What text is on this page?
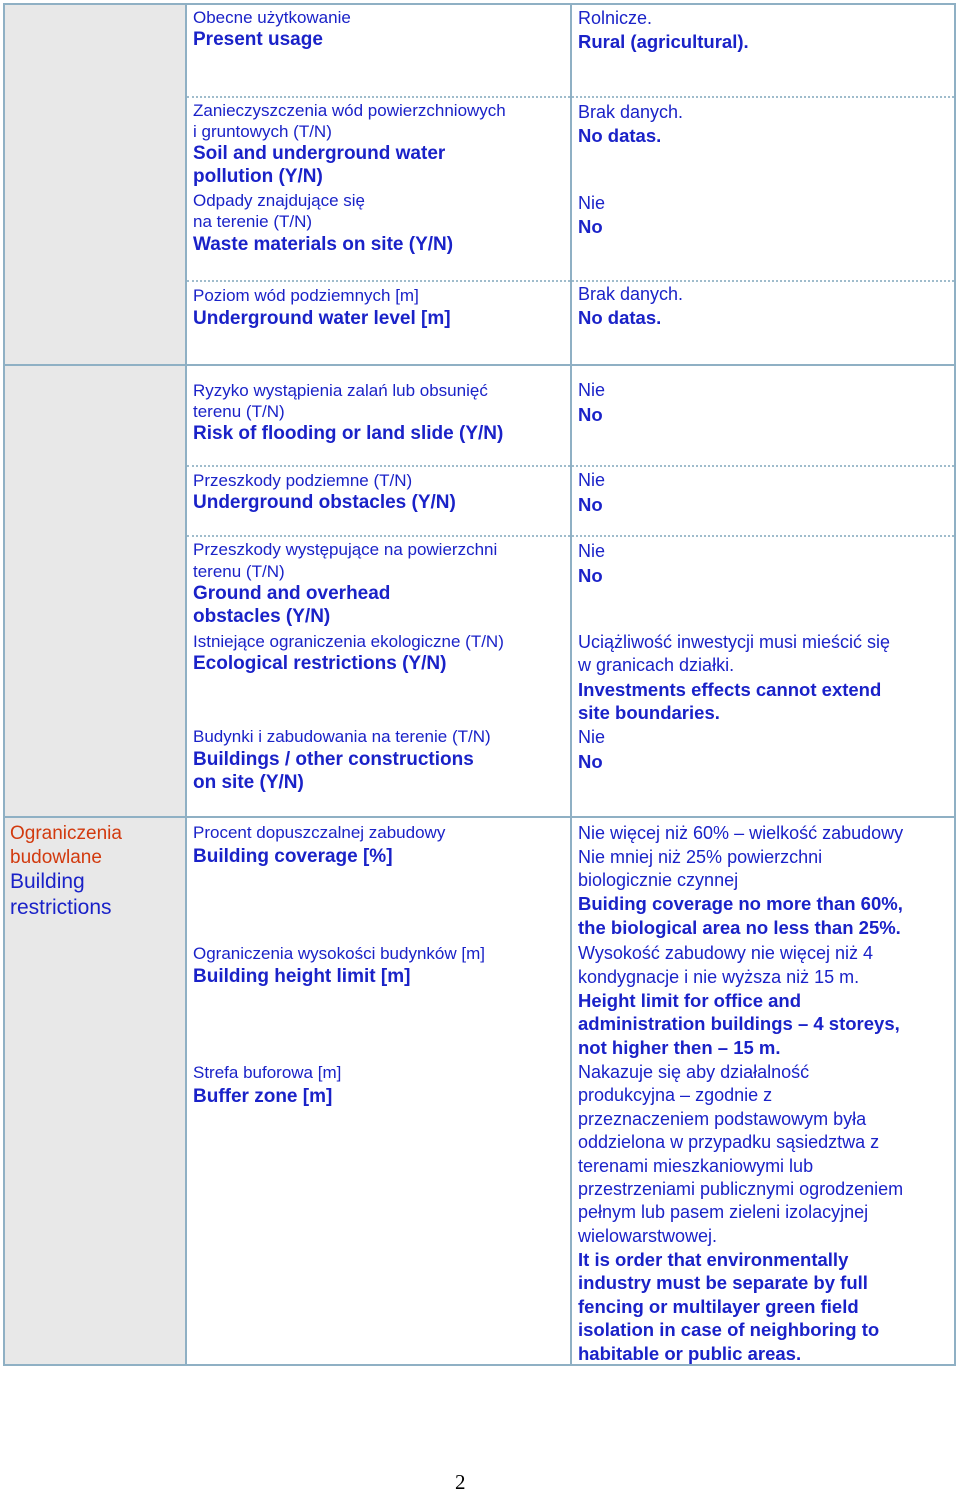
Obecne użytkowanie
Present usage
Rolnicze.
Rural (agricultural).
Zanieczyszczenia wód powierzchniowych
i gruntowych (T/N)
Soil and underground water
pollution (Y/N)
Brak danych.
No datas.
Odpady znajdujące się
na terenie (T/N)
Waste materials on site (Y/N)
Nie
No
Poziom wód podziemnych [m]
Underground water level [m]
Brak danych.
No datas.
Ryzyko wystąpienia zalań lub obsunięć
terenu (T/N)
Risk of flooding or land slide (Y/N)
Nie
No
Przeszkody podziemne (T/N)
Underground obstacles (Y/N)
Nie
No
Przeszkody występujące na powierzchni
terenu (T/N)
Ground and overhead
obstacles (Y/N)
Nie
No
Istniejące ograniczenia ekologiczne (T/N)
Ecological restrictions (Y/N)
Uciążliwość inwestycji musi mieścić się
w granicach działki.
Investments effects cannot extend
site boundaries.
Budynki i zabudowania na terenie (T/N)
Buildings / other constructions
on site (Y/N)
Nie
No
Ograniczenia
budowlane
Building
restrictions
Procent dopuszczalnej zabudowy
Building coverage [%]
Nie więcej niż 60% – wielkość zabudowy
Nie mniej niż 25% powierzchni
biologicznie czynnej
Buiding coverage no more than 60%,
the biological area no less than 25%.
Ograniczenia wysokości budynków [m]
Building height limit [m]
Wysokość zabudowy nie więcej niż 4
kondygnacje i nie wyższa niż 15 m.
Height limit for office and
administration buildings – 4 storeys,
not higher then – 15 m.
Strefa buforowa [m]
Buffer zone [m]
Nakazuje się aby działalność
produkcyjna – zgodnie z
przeznaczeniem podstawowym była
oddzielona w przypadku sąsiedztwa z
terenami mieszkaniowymi lub
przestrzeniami publicznymi ogrodzeniem
pełnym lub pasem zieleni izolacyjnej
wielowarstwowej.
It is order that environmentally
industry must be separate by full
fencing or multilayer green field
isolation in case of neighboring to
habitable or public areas.
2
